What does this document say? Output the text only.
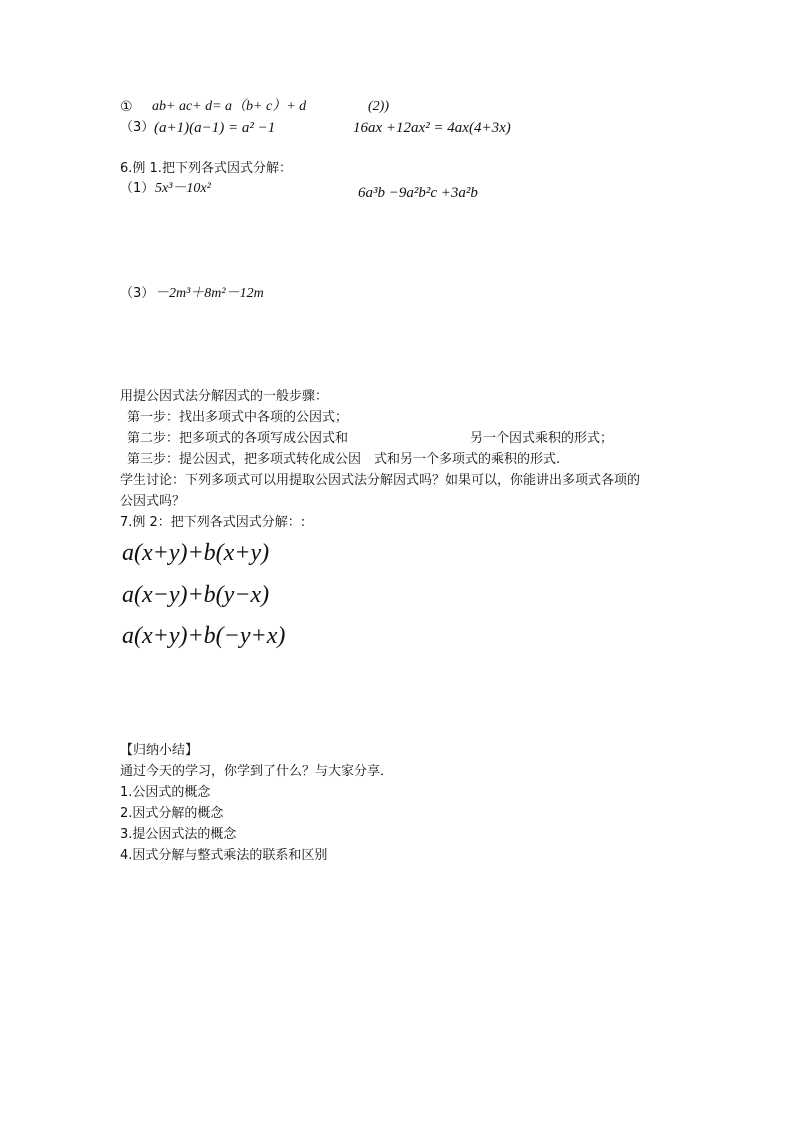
① ab+ ac+ d= a（b+ c）+ d	(2))
（3） (a+1)(a−1) = a² −1	16ax +12ax² = 4ax(4+3x)
6.例 1.把下列各式因式分解：
（1） 5x³－10x²	6a³b −9a²b²c +3a²b
（3） －2m³＋8m²－12m
用提公因式法分解因式的一般步骤：
第一步：找出多项式中各项的公因式；
第二步：把多项式的各项写成公因式和	另一个因式乘积的形式；
第三步：提公因式，把多项式转化成公因　式和另一个多项式的乘积的形式.
学生讨论：下列多项式可以用提取公因式法分解因式吗？如果可以，你能讲出多项式各项的
公因式吗？
7.例 2：把下列各式因式分解：:
a(x+y)+b(x+y)
a(x−y)+b(y−x)
a(x+y)+b(−y+x)
【归纳小结】
通过今天的学习，你学到了什么？与大家分享．
1.公因式的概念
2.因式分解的概念
3.提公因式法的概念
4.因式分解与整式乘法的联系和区别
